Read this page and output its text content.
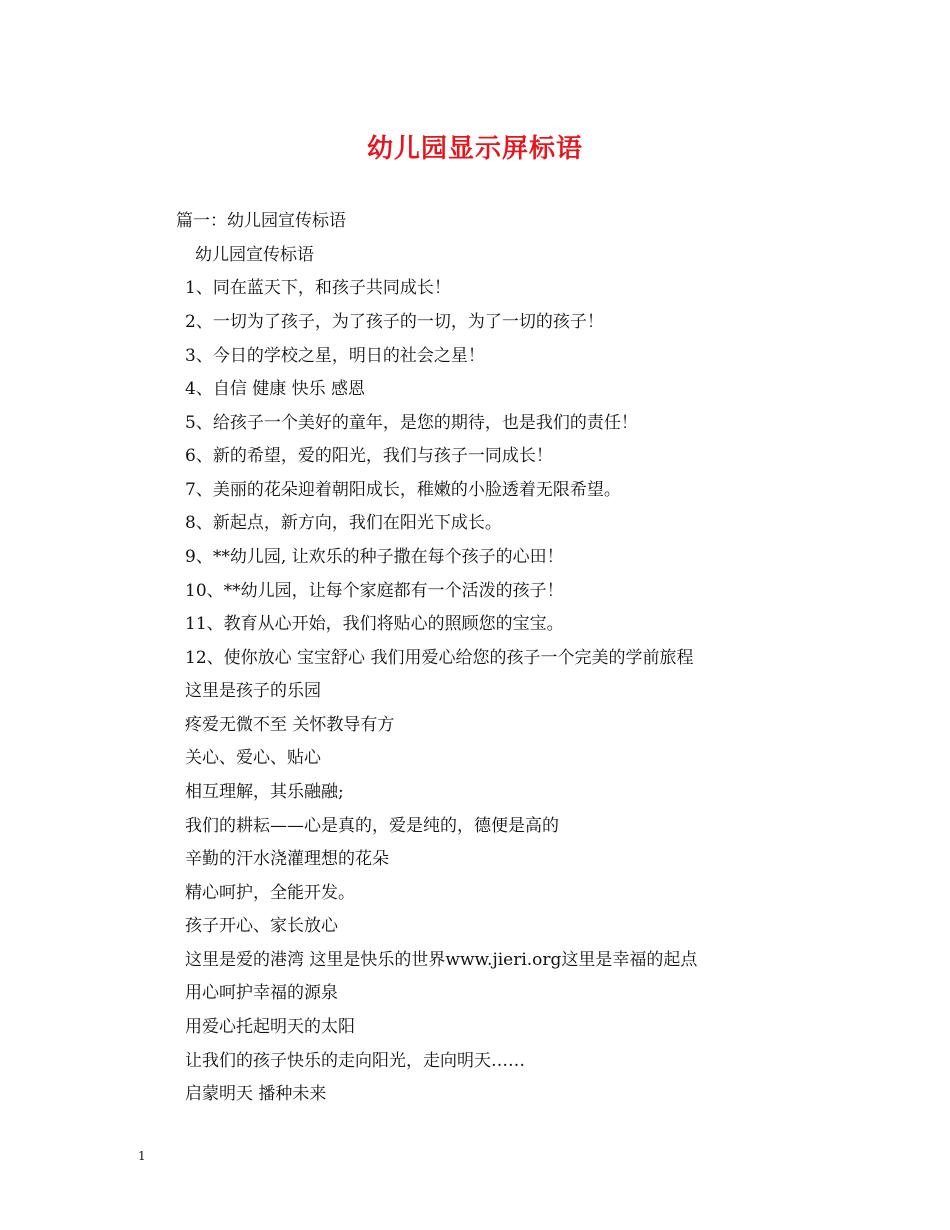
幼儿园显示屏标语
篇一：幼儿园宣传标语
幼儿园宣传标语
1、同在蓝天下，和孩子共同成长！
2、一切为了孩子，为了孩子的一切，为了一切的孩子！
3、今日的学校之星，明日的社会之星！
4、自信 健康 快乐 感恩
5、给孩子一个美好的童年，是您的期待，也是我们的责任！
6、新的希望，爱的阳光，我们与孩子一同成长！
7、美丽的花朵迎着朝阳成长，稚嫩的小脸透着无限希望。
8、新起点，新方向，我们在阳光下成长。
9、**幼儿园, 让欢乐的种子撒在每个孩子的心田！
10、**幼儿园，让每个家庭都有一个活泼的孩子！
11、教育从心开始，我们将贴心的照顾您的宝宝。
12、使你放心 宝宝舒心 我们用爱心给您的孩子一个完美的学前旅程
这里是孩子的乐园
疼爱无微不至 关怀教导有方
关心、爱心、贴心
相互理解，其乐融融;
我们的耕耘——心是真的，爱是纯的，德便是高的
辛勤的汗水浇灌理想的花朵
精心呵护，全能开发。
孩子开心、家长放心
这里是爱的港湾 这里是快乐的世界www.jieri.org这里是幸福的起点
用心呵护幸福的源泉
用爱心托起明天的太阳
让我们的孩子快乐的走向阳光，走向明天……
启蒙明天 播种未来
1
